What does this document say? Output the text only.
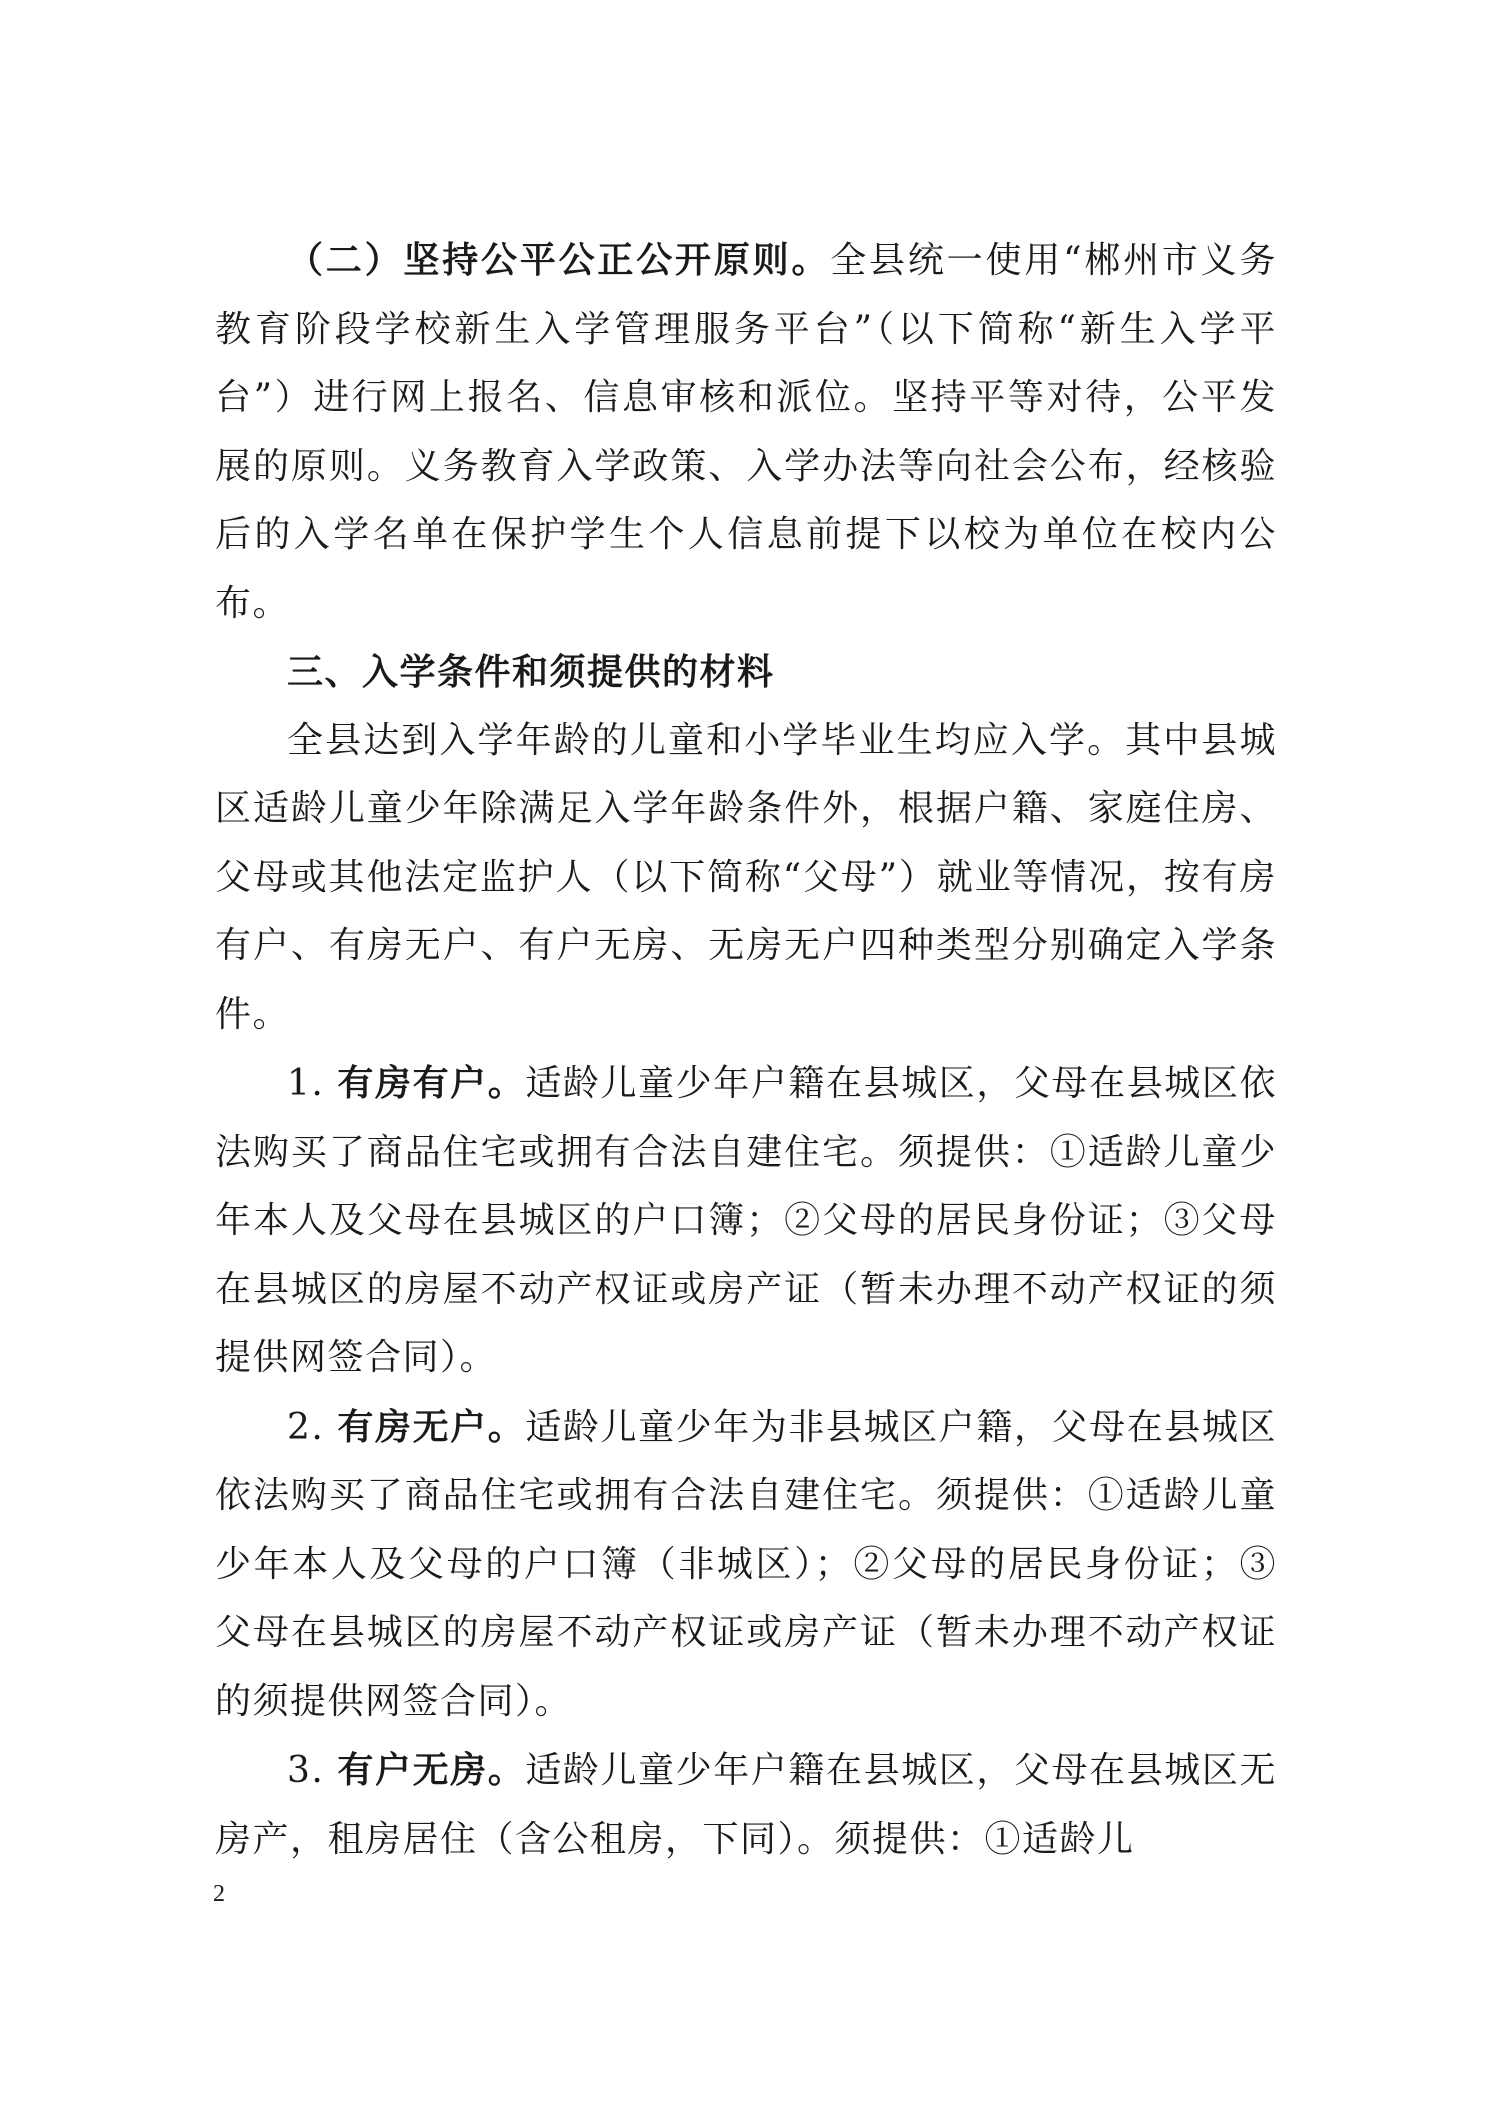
（二）坚持公平公正公开原则。全县统一使用“郴州市义务教育阶段学校新生入学管理服务平台”（以下简称“新生入学平台”）进行网上报名、信息审核和派位。坚持平等对待，公平发展的原则。义务教育入学政策、入学办法等向社会公布，经核验后的入学名单在保护学生个人信息前提下以校为单位在校内公布。

三、入学条件和须提供的材料

全县达到入学年龄的儿童和小学毕业生均应入学。其中县城区适龄儿童少年除满足入学年龄条件外，根据户籍、家庭住房、父母或其他法定监护人（以下简称“父母”）就业等情况，按有房有户、有房无户、有户无房、无房无户四种类型分别确定入学条件。

1. 有房有户。适龄儿童少年户籍在县城区，父母在县城区依法购买了商品住宅或拥有合法自建住宅。须提供：①适龄儿童少年本人及父母在县城区的户口簿；②父母的居民身份证；③父母在县城区的房屋不动产权证或房产证（暂未办理不动产权证的须提供网签合同）。

2. 有房无户。适龄儿童少年为非县城区户籍，父母在县城区依法购买了商品住宅或拥有合法自建住宅。须提供：①适龄儿童少年本人及父母的户口簿（非城区）；②父母的居民身份证；③父母在县城区的房屋不动产权证或房产证（暂未办理不动产权证的须提供网签合同）。

3. 有户无房。适龄儿童少年户籍在县城区，父母在县城区无房产，租房居住（含公租房，下同）。须提供：①适龄儿

2
